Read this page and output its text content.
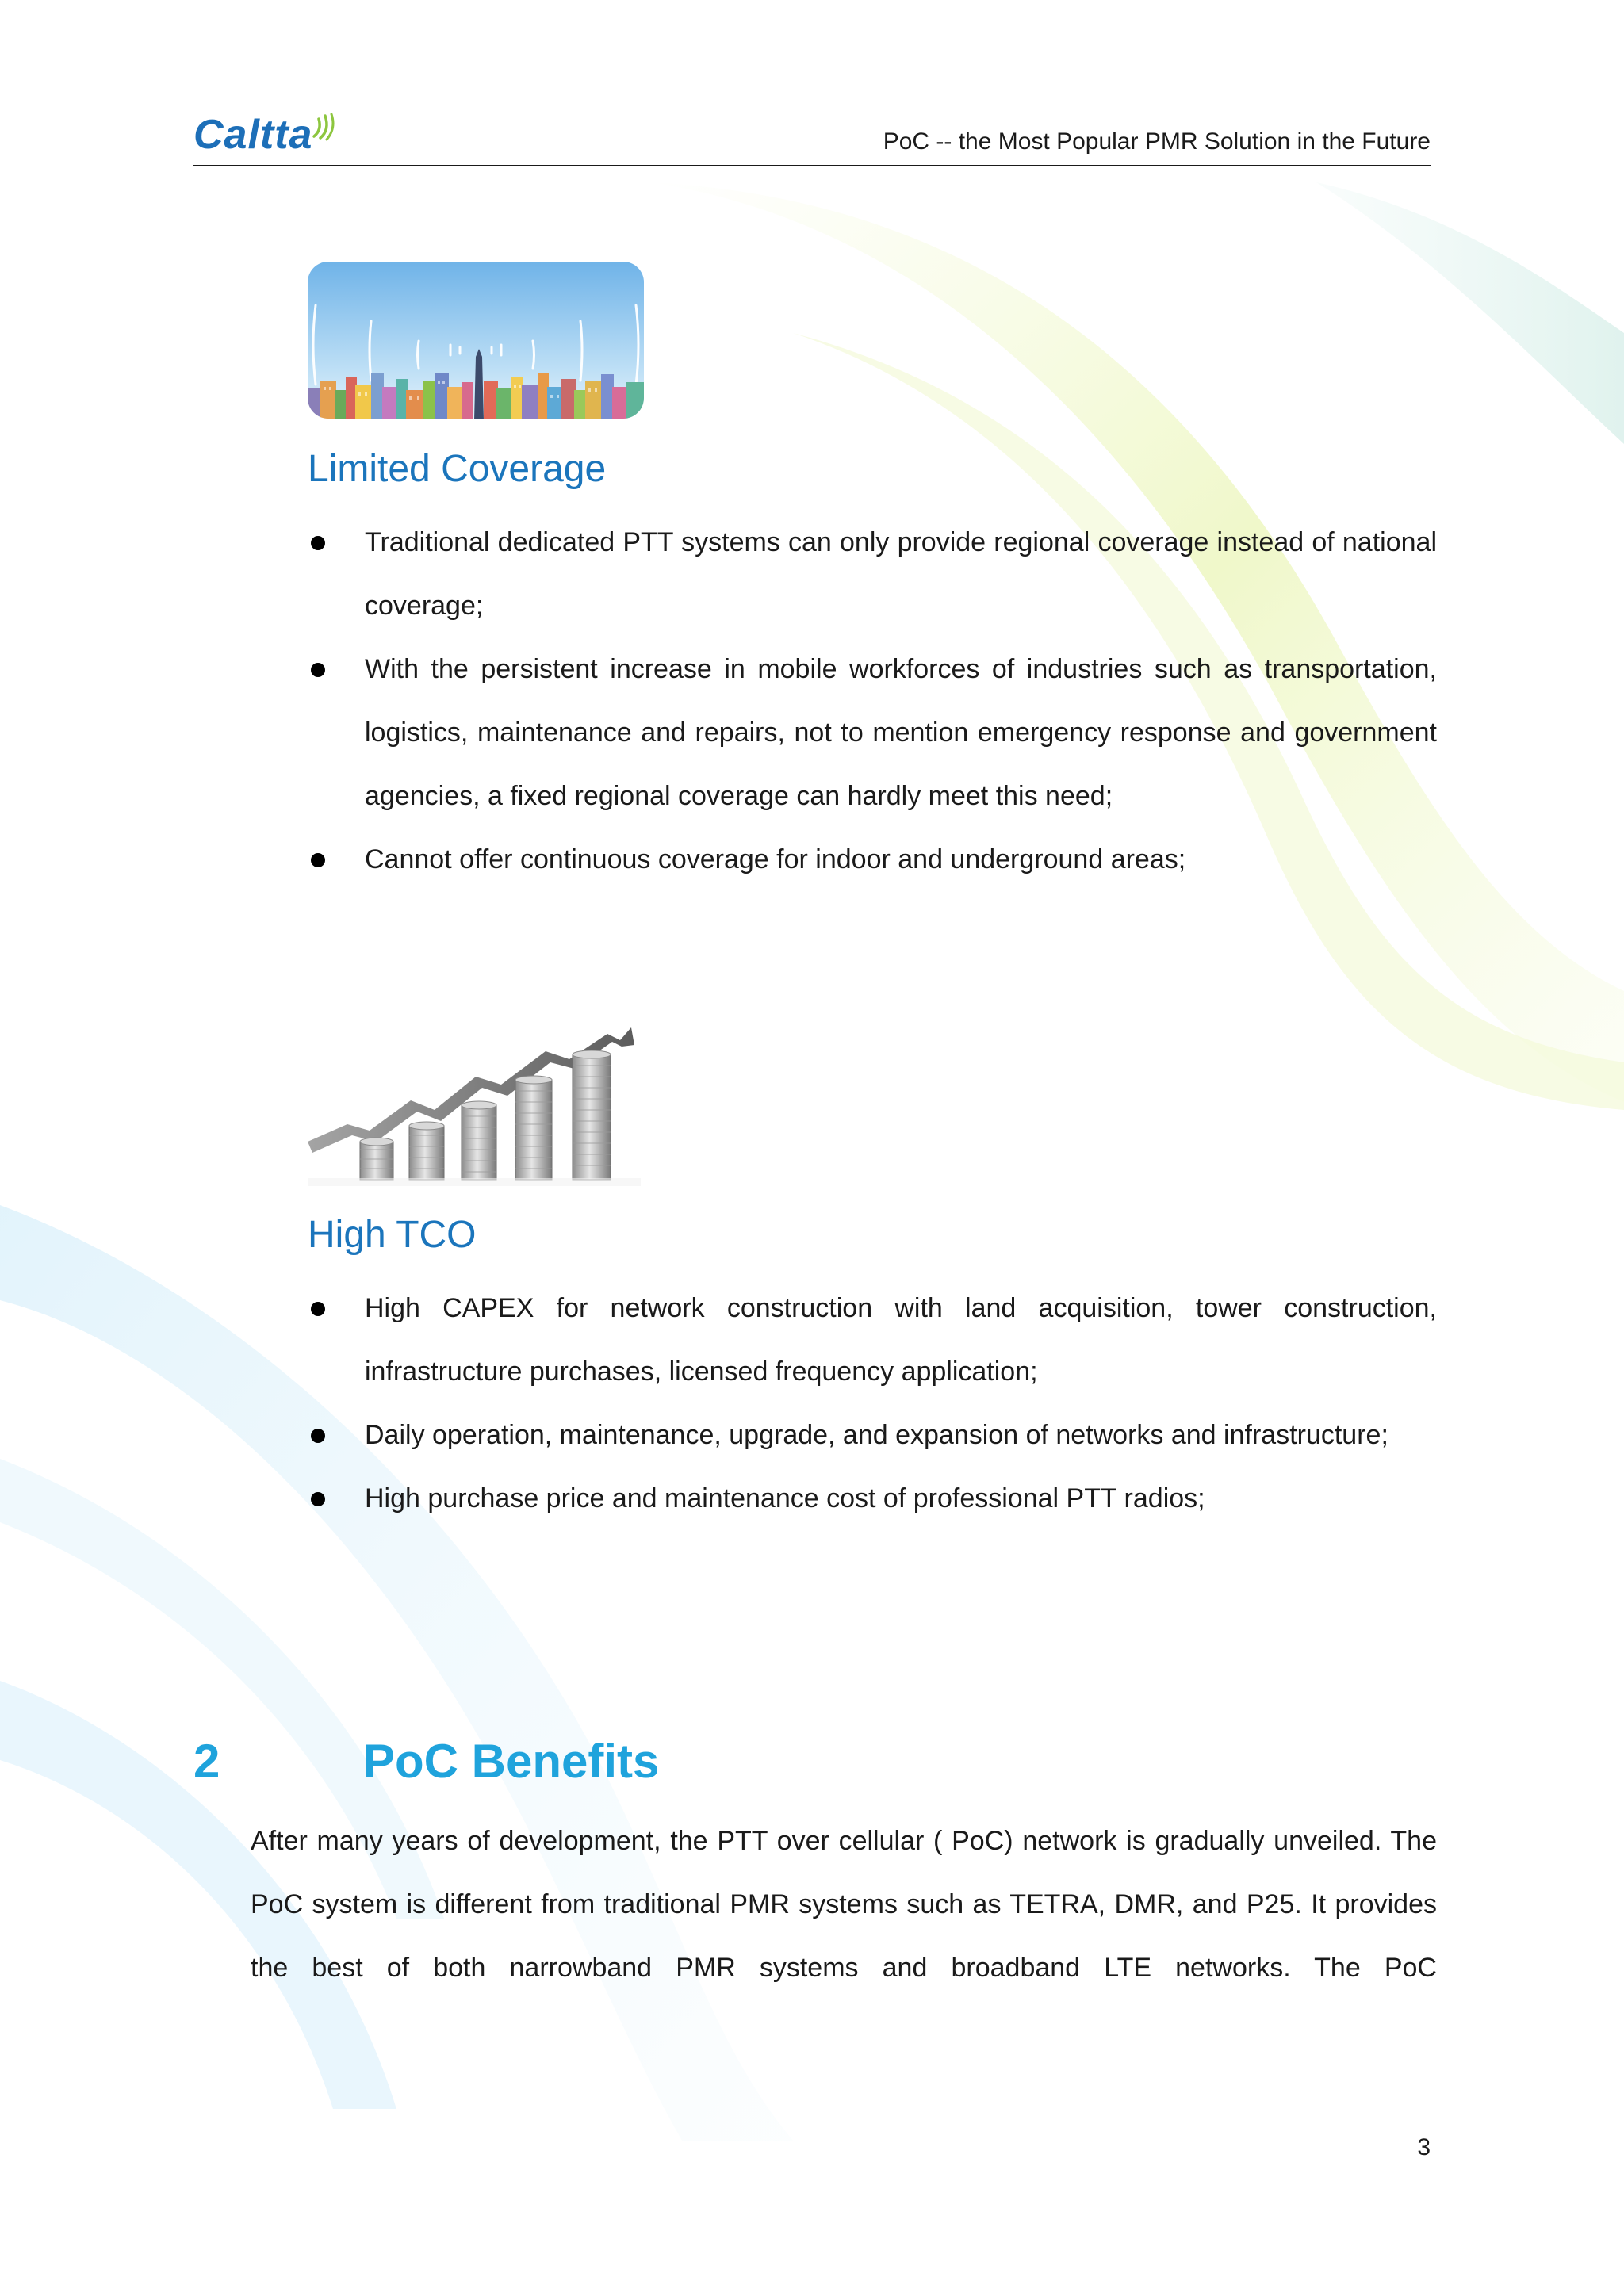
Caltta	PoC -- the Most Popular PMR Solution in the Future
Limited Coverage
Traditional dedicated PTT systems can only provide regional coverage instead of national coverage;
With the persistent increase in mobile workforces of industries such as transportation, logistics, maintenance and repairs, not to mention emergency response and government agencies, a fixed regional coverage can hardly meet this need;
Cannot offer continuous coverage for indoor and underground areas;
High TCO
High CAPEX for network construction with land acquisition, tower construction, infrastructure purchases, licensed frequency application;
Daily operation, maintenance, upgrade, and expansion of networks and infrastructure;
High purchase price and maintenance cost of professional PTT radios;
2	PoC Benefits

After many years of development, the PTT over cellular ( PoC) network is gradually unveiled. The PoC system is different from traditional PMR systems such as TETRA, DMR, and P25. It provides the best of both narrowband PMR systems and broadband LTE networks. The PoC

3
